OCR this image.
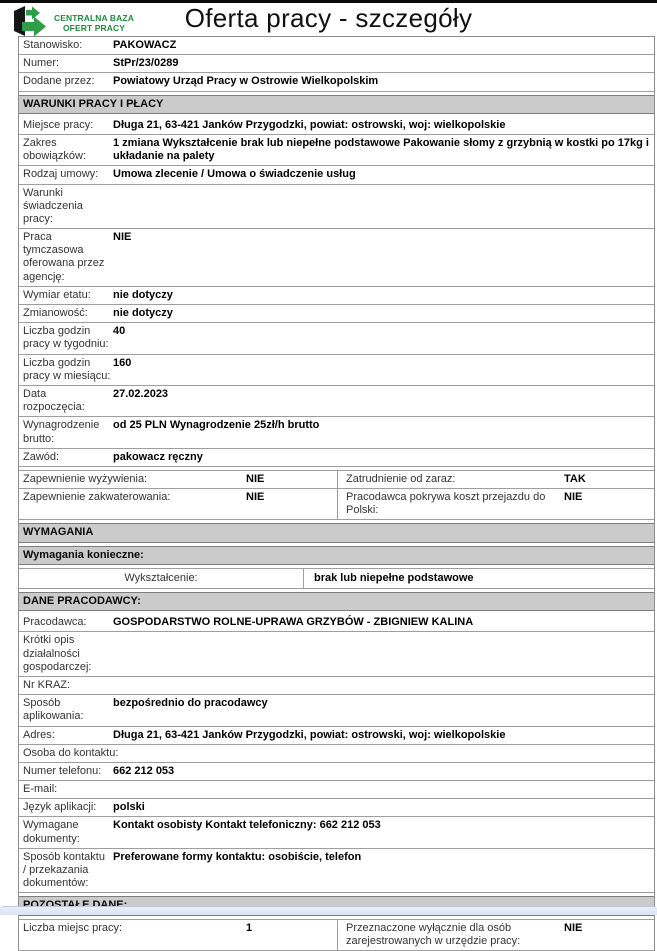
CENTRALNA BAZA
OFERT PRACY	Oferta pracy - szczegóły
Stanowisko:	PAKOWACZ
Numer:	StPr/23/0289
Dodane przez:	Powiatowy Urząd Pracy w Ostrowie Wielkopolskim
WARUNKI PRACY I PŁACY
Miejsce pracy:	Długa 21, 63-421 Janków Przygodzki, powiat: ostrowski, woj: wielkopolskie
Zakres obowiązków:
1 zmiana Wykształcenie brak lub niepełne podstawowe Pakowanie słomy z grzybnią w kostki po 17kg i układanie na palety
Rodzaj umowy:	Umowa zlecenie / Umowa o świadczenie usług
Warunki świadczenia pracy:
Praca tymczasowa oferowana przez agencję:
NIE
Wymiar etatu:	nie dotyczy
Zmianowość:	nie dotyczy
Liczba godzin pracy w tygodniu:
40
Liczba godzin pracy w miesiącu:
160
Data rozpoczęcia:
27.02.2023
Wynagrodzenie brutto:
od 25 PLN Wynagrodzenie 25zł/h brutto
Zawód:	pakowacz ręczny
Zapewnienie wyżywienia:	NIE	Zatrudnienie od zaraz:	TAK
Zapewnienie zakwaterowania:	NIE	Pracodawca pokrywa koszt przejazdu do Polski:
NIE
WYMAGANIA
Wymagania konieczne:
Wykształcenie:	brak lub niepełne podstawowe
DANE PRACODAWCY:
Pracodawca:	GOSPODARSTWO ROLNE-UPRAWA GRZYBÓW - ZBIGNIEW KALINA
Krótki opis działalności gospodarczej:
Nr KRAZ:
Sposób aplikowania:
bezpośrednio do pracodawcy
Adres:	Długa 21, 63-421 Janków Przygodzki, powiat: ostrowski, woj: wielkopolskie
Osoba do kontaktu:
Numer telefonu:	662 212 053
E-mail:
Język aplikacji:	polski
Wymagane dokumenty:
Kontakt osobisty Kontakt telefoniczny: 662 212 053
Sposób kontaktu / przekazania dokumentów:
Preferowane formy kontaktu: osobiście, telefon
Liczba miejsc pracy:	1	Przeznaczone wyłącznie dla osób zarejestrowanych w urzędzie pracy:
NIE
